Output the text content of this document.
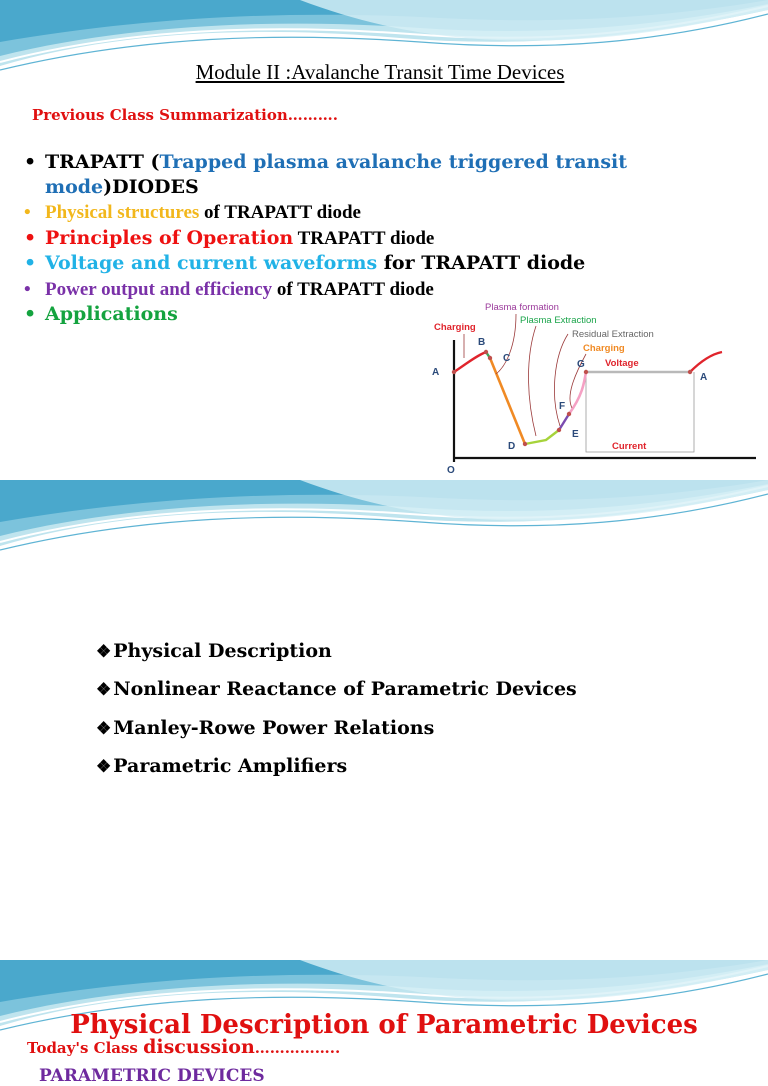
Module II :Avalanche Transit Time Devices
Previous Class Summarization……….
• TRAPATT (Trapped plasma avalanche triggered transit mode)DIODES
• Physical structures of TRAPATT diode
• Principles of Operation TRAPATT diode
• Voltage and current waveforms for TRAPATT diode
• Power output and efficiency of TRAPATT diode
• Applications	Plasma formation
Plasma Extraction
Residual Extraction
Charging
Charging
Voltage
Current
A
B
C
D
E
F
G
A
O
Today's Class discussion……………..
PARAMETRIC DEVICES
❖ Physical Description
❖ Nonlinear Reactance of Parametric Devices
❖ Manley-Rowe Power Relations
❖ Parametric Amplifiers
Physical Description of Parametric Devices
